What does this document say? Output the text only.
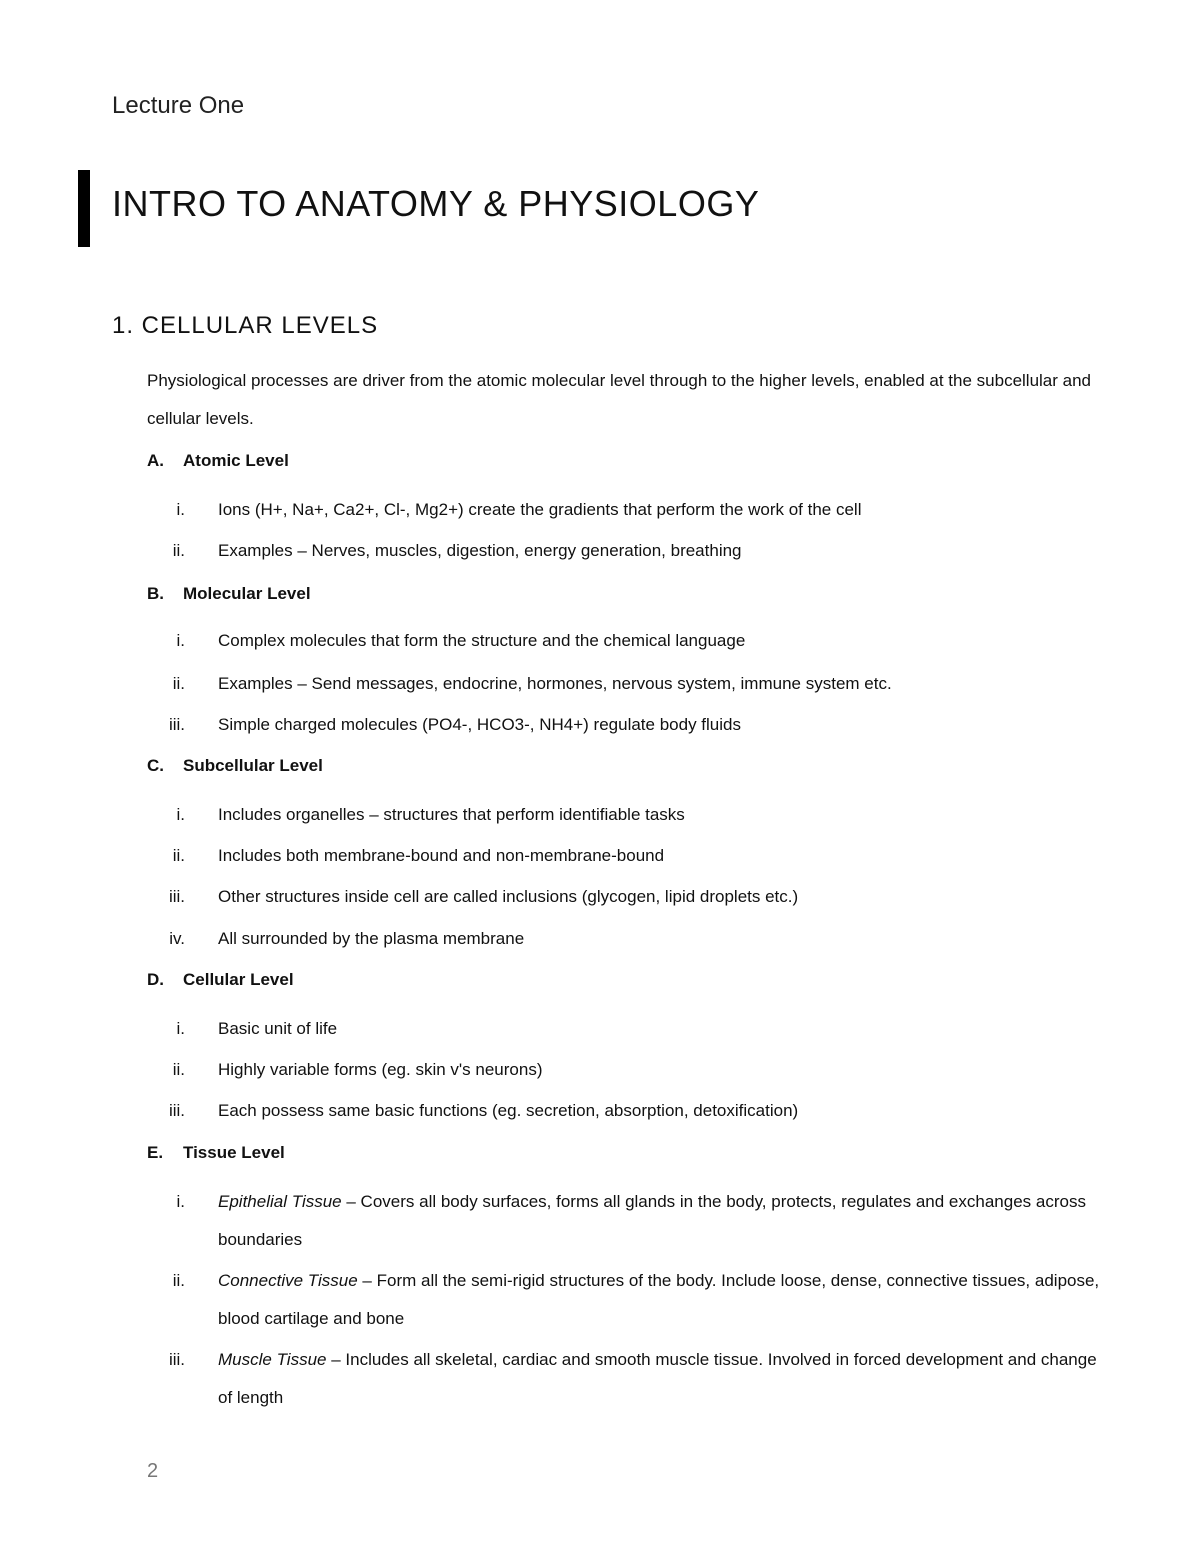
Lecture One
INTRO TO ANATOMY & PHYSIOLOGY
1. CELLULAR LEVELS
Physiological processes are driver from the atomic molecular level through to the higher levels, enabled at the subcellular and cellular levels.
A. Atomic Level
i. Ions (H+, Na+, Ca2+, Cl-, Mg2+) create the gradients that perform the work of the cell
ii. Examples – Nerves, muscles, digestion, energy generation, breathing
B. Molecular Level
i. Complex molecules that form the structure and the chemical language
ii. Examples – Send messages, endocrine, hormones, nervous system, immune system etc.
iii. Simple charged molecules (PO4-, HCO3-, NH4+) regulate body fluids
C. Subcellular Level
i. Includes organelles – structures that perform identifiable tasks
ii. Includes both membrane-bound and non-membrane-bound
iii. Other structures inside cell are called inclusions (glycogen, lipid droplets etc.)
iv. All surrounded by the plasma membrane
D. Cellular Level
i. Basic unit of life
ii. Highly variable forms (eg. skin v's neurons)
iii. Each possess same basic functions (eg. secretion, absorption, detoxification)
E. Tissue Level
i. Epithelial Tissue – Covers all body surfaces, forms all glands in the body, protects, regulates and exchanges across boundaries
ii. Connective Tissue – Form all the semi-rigid structures of the body. Include loose, dense, connective tissues, adipose, blood cartilage and bone
iii. Muscle Tissue – Includes all skeletal, cardiac and smooth muscle tissue. Involved in forced development and change of length
2
